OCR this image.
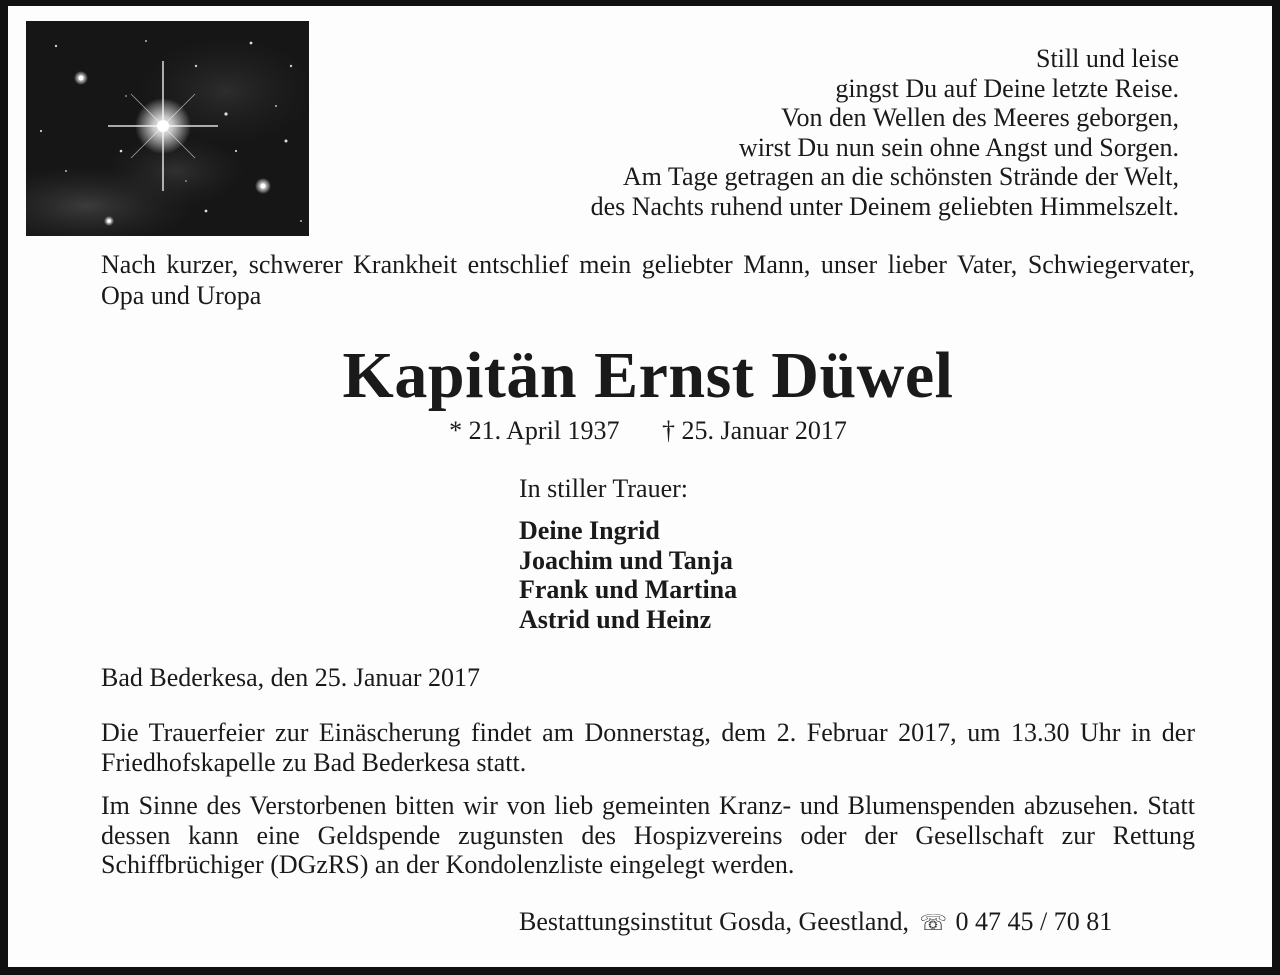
Still und leise
gingst Du auf Deine letzte Reise.
Von den Wellen des Meeres geborgen,
wirst Du nun sein ohne Angst und Sorgen.
Am Tage getragen an die schönsten Strände der Welt,
des Nachts ruhend unter Deinem geliebten Himmelszelt.
Nach kurzer, schwerer Krankheit entschlief mein geliebter Mann, unser lieber Vater, Schwiegervater, Opa und Uropa
Kapitän Ernst Düwel
* 21. April 1937 † 25. Januar 2017
In stiller Trauer:
Deine Ingrid
Joachim und Tanja
Frank und Martina
Astrid und Heinz
Bad Bederkesa, den 25. Januar 2017
Die Trauerfeier zur Einäscherung findet am Donnerstag, dem 2. Februar 2017, um 13.30 Uhr in der Friedhofskapelle zu Bad Bederkesa statt.
Im Sinne des Verstorbenen bitten wir von lieb gemeinten Kranz- und Blumenspenden abzusehen. Statt dessen kann eine Geldspende zugunsten des Hospizvereins oder der Gesellschaft zur Rettung Schiffbrüchiger (DGzRS) an der Kondolenzliste eingelegt werden.
Bestattungsinstitut Gosda, Geestland, ☏ 0 47 45 / 70 81
